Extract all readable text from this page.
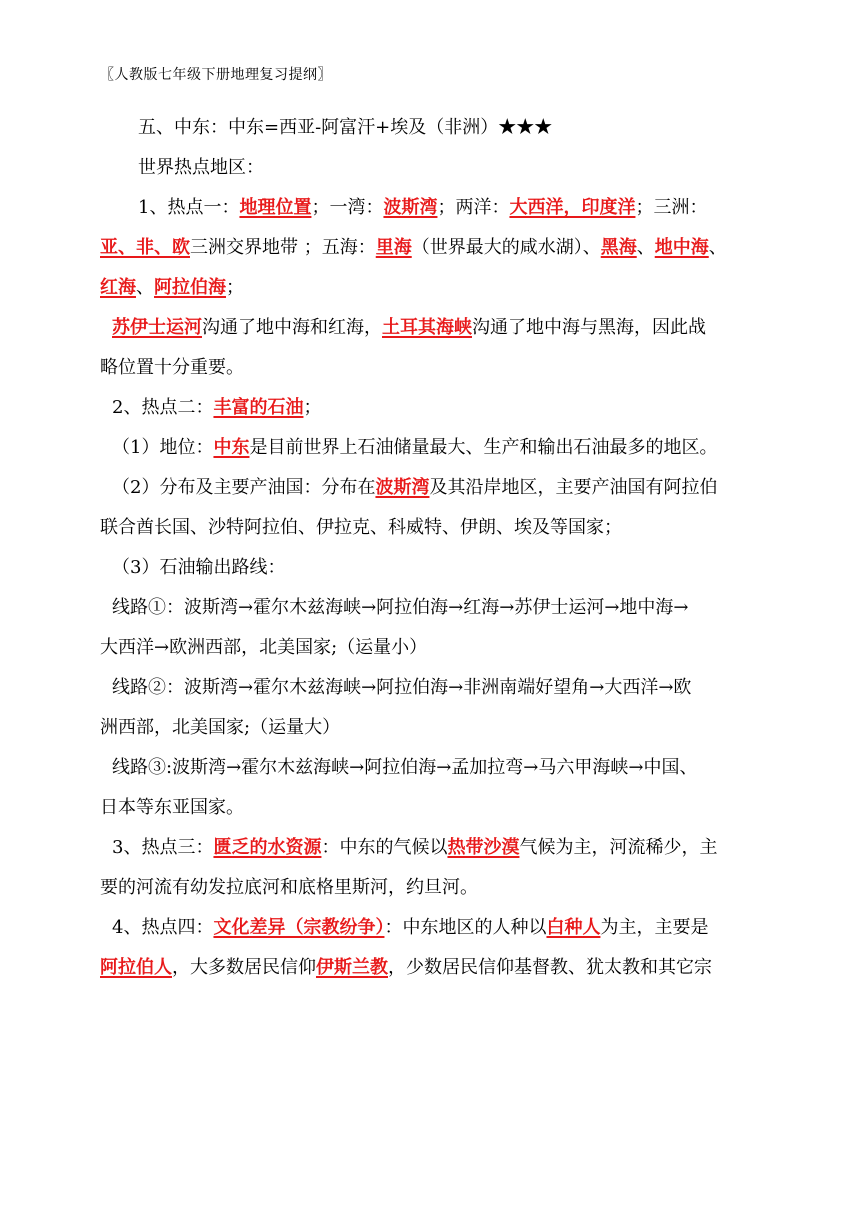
〖人教版七年级下册地理复习提纲〗
五、中东：中东=西亚-阿富汗+埃及（非洲）★★★
世界热点地区：
1、热点一：地理位置；一湾：波斯湾；两洋：大西洋，印度洋；三洲：
亚、非、欧三洲交界地带 ；五海：里海（世界最大的咸水湖）、黑海、地中海、
红海、阿拉伯海；
苏伊士运河沟通了地中海和红海，土耳其海峡沟通了地中海与黑海，因此战
略位置十分重要。
2、热点二：丰富的石油；
（1）地位：中东是目前世界上石油储量最大、生产和输出石油最多的地区。
（2）分布及主要产油国：分布在波斯湾及其沿岸地区，主要产油国有阿拉伯
联合酋长国、沙特阿拉伯、伊拉克、科威特、伊朗、埃及等国家；
（3）石油输出路线：
线路①：波斯湾→霍尔木兹海峡→阿拉伯海→红海→苏伊士运河→地中海→
大西洋→欧洲西部，北美国家;（运量小）
线路②：波斯湾→霍尔木兹海峡→阿拉伯海→非洲南端好望角→大西洋→欧
洲西部，北美国家;（运量大）
线路③:波斯湾→霍尔木兹海峡→阿拉伯海→孟加拉弯→马六甲海峡→中国、
日本等东亚国家。
3、热点三：匮乏的水资源：中东的气候以热带沙漠气候为主，河流稀少，主
要的河流有幼发拉底河和底格里斯河，约旦河。
4、热点四：文化差异（宗教纷争）：中东地区的人种以白种人为主，主要是
阿拉伯人，大多数居民信仰伊斯兰教，少数居民信仰基督教、犹太教和其它宗
